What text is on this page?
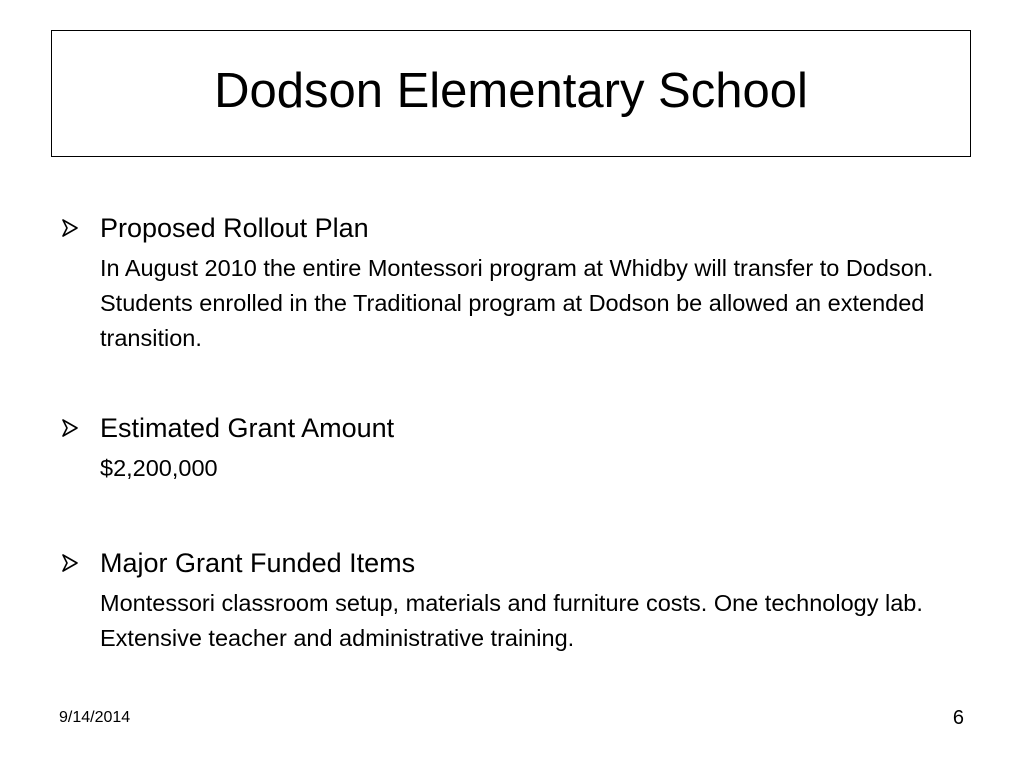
Dodson Elementary School
Proposed Rollout Plan
In August 2010 the entire Montessori program at Whidby will transfer to Dodson. Students enrolled in the Traditional program at Dodson be allowed an extended transition.
Estimated Grant Amount
$2,200,000
Major Grant Funded Items
Montessori classroom setup, materials and furniture costs. One technology lab. Extensive teacher and administrative training.
9/14/2014	6
